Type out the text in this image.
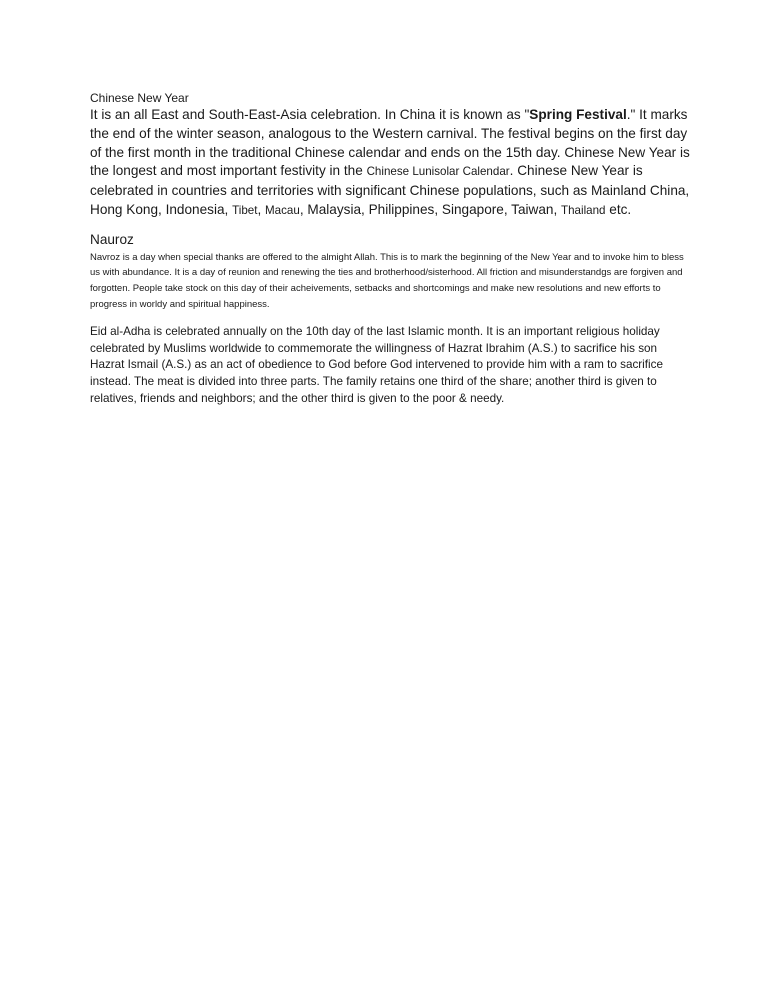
Chinese New Year

It is an all East and South-East-Asia celebration. In China it is known as "Spring Festival." It marks the end of the winter season, analogous to the Western carnival. The festival begins on the first day of the first month in the traditional Chinese calendar and ends on the 15th day. Chinese New Year is the longest and most important festivity in the Chinese Lunisolar Calendar. Chinese New Year is celebrated in countries and territories with significant Chinese populations, such as Mainland China, Hong Kong, Indonesia, Tibet, Macau, Malaysia, Philippines, Singapore, Taiwan, Thailand etc.

Nauroz

Navroz is a day when special thanks are offered to the almight Allah. This is to mark the beginning of the New Year and to invoke him to bless us with abundance. It is a day of reunion and renewing the ties and brotherhood/sisterhood. All friction and misunderstandgs are forgiven and forgotten. People take stock on this day of their acheivements, setbacks and shortcomings and make new resolutions and new efforts to progress in worldy and spiritual happiness.

Eid al-Adha is celebrated annually on the 10th day of the last Islamic month. It is an important religious holiday celebrated by Muslims worldwide to commemorate the willingness of Hazrat Ibrahim (A.S.) to sacrifice his son Hazrat Ismail (A.S.) as an act of obedience to God before God intervened to provide him with a ram to sacrifice instead. The meat is divided into three parts. The family retains one third of the share; another third is given to relatives, friends and neighbors; and the other third is given to the poor & needy.
